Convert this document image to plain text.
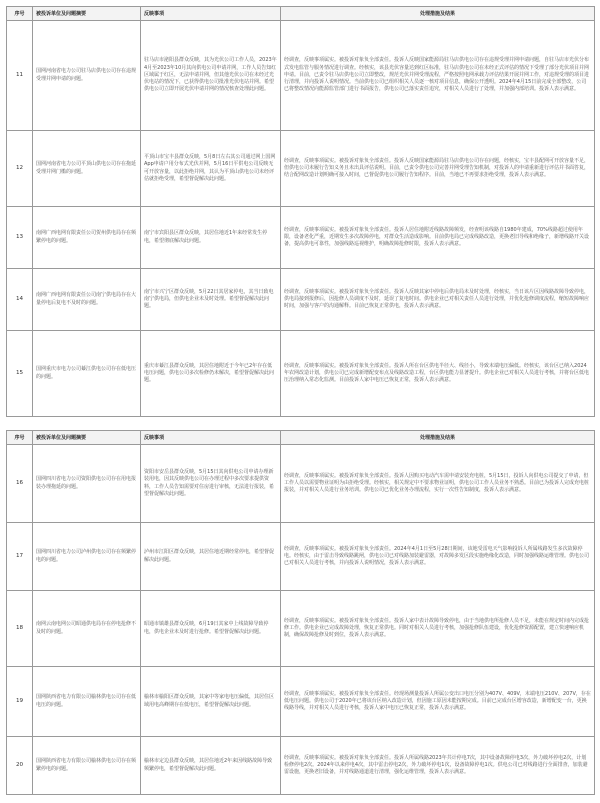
序号	被投诉单位及问题摘要	反映事项	处理措施及结果
11	国网河南省电力公司驻马店供电公司存在违规受理并网申请的问题。	驻马店市泌阳县群众反映，其为光伏公司工作人员，2023年4月至2023年10月其向供电公司申请并网，工作人员告知红区域属于红区，无法申请并网，但其他光伏公司在未经过光伏电站的情况下，已获得供电公司批准光伏电站并网。希望供电公司立即开展光伏申请并网的情况核查处理此问题。	经调查，反映事项属实。被投诉对象负全部责任。投诉人反映国家能源局驻马店供电公司存在违规受理并网申请问题，自驻马店市光伏分布式发电监管与服务情况进行调查。经核实，该县光伏容量达到红区标准，驻马店供电公司在未经正式评估的情况下受理了部分光伏项目并网申请。目前，已责令驻马店供电公司立即整改，规范光伏并网受理流程，严格按照电网承载力评估结果开展并网工作，对违规受理的项目进行清理，并向投诉人说明情况。当前供电公司已组织相关人员逐一核对项目信息，确保公开透明。2024年4月15日前完成全部整改，公司已将整改情况向能源监管部门进行书面报告，供电公司已落实责任追究，对相关人员进行了处理，并加强内部培训。投诉人表示满意。
12	国网河南省电力公司平顶山供电公司存在拖延受理并网门槛的问题。	平顶山市宝丰县群众反映，5月8日左右其公司通过网上国网App申请户用分布式光伏并网，5月16日平供电公司反映无可开放容量，以此拒绝并网，其认为平顶山供电公司未经评估就拒绝受理，希望督促解决此问题。	经调查，反映事项属实。被投诉对象负全部责任。投诉人反映国家能源局驻马店供电公司存在问题，经核实，宝丰县配网可开放容量不足，但供电公司未履行告知义务且未出具评估说明。目前，已责令供电公司完善并网受理告知机制，对投诉人的申请重新进行评估并书面答复，结合配网改造计划明确可接入时间，已督促供电公司履行告知程序。目前，当地已不再要求拒绝受理，投诉人表示满意。
13	南网广西电网有限责任公司贺州供电局存在频繁停电的问题。	南宁市宾阳县区群众反映，其居住地近1年来经常发生停电，希望彻底解决此问题。	经调查，反映事项属实。被投诉对象负全部责任。投诉人居住地附近线路故障频发，经查明该线路自1980年建成，70%线路超过使用年限，设备老化严重，近期发生多次故障停电，对群众生活造成影响。目前供电局已完成线路改造，更换老旧导线和绝缘子，新增线路开关设备，提高供电可靠性，加强线路巡视维护，明确故障抢修时限，投诉人表示满意。
14	南网广西电网有限责任公司南宁供电局存在大量停电后复电不及时的问题。	南宁市兴宁区群众反映，5月22日其居家停电，其当日致电南宁供电局，但供电企业未及时处理。希望督促解决此问题。	经调查，反映事项属实。被投诉对象负全部责任。投诉人反映其家中停电后供电局未及时处理，经核实，当日该片区因线路故障导致停电，供电局接到报修后，因抢修人员调度不及时，延误了复电时间。供电企业已对相关责任人员进行处理，并优化抢修调度流程，缩短故障响应时间，加强与客户的沟通解释。目前已恢复正常供电，投诉人表示满意。
15	国网重庆市电力公司綦江供电公司存在低电压的问题。	重庆市綦江县群众反映，其居住地附近于今年已2年存在低电压问题，供电公司多次检修仍未解决，希望督促解决此问题。	经调查，反映事项属实。被投诉对象负全部责任。投诉人所在台区供电半径大、线径小，导致末端电压偏低。经核实，该台区已纳入2024年农网改造计划，供电公司已完成新增配变布点及线路改造工程，台区供电能力显著提升。供电企业已对相关人员进行考核，并将台区低电压治理纳入常态化监测。目前投诉人家中电压已恢复正常，投诉人表示满意。
序号	被投诉单位及问题摘要	反映事项	处理措施及结果
16	国网四川省电力公司资阳供电公司存在用电报装办理拖延的问题。	资阳市安岳县群众反映，5月15日其向供电公司申请办理新装用电，因其反映供电公司在办理过程中多次要求提供资料，工作人员告知需要对住房进行审核，无法进行报装，希望督促解决此问题。	经调查，反映事项属实。被投诉对象负全部责任。投诉人因购买电动汽车需申请安装充电桩，5月15日，投诉人向供电公司提交了申请，但工作人员以需要物业证明为由拒绝受理。经核实，相关规定中不要求物业证明，供电公司工作人员业务不熟悉。目前已为投诉人完成充电桩报装，并对相关人员进行业务培训。供电公司已优化业务办理流程，实行一次性告知制度，投诉人表示满意。
17	国网四川省电力公司泸州供电公司存在频繁停电的问题。	泸州市江阳区群众反映，其居住地近期经常停电，希望督促解决此问题。	经调查，反映事项属实。被投诉对象负全部责任。2024年4月1日至5月28日期间，该地受雷电天气影响投诉人所属线路发生多次故障停电。经核实，由于雷击导致线路跳闸，供电公司已对线路加装避雷器，对故障多发区段实施绝缘化改造，同时加强线路运维管理。供电公司已对相关人员进行考核，并向投诉人说明情况，投诉人表示满意。
18	南网云南电网公司昭通供电局存在停电抢修不及时的问题。	昭通市镇雄县群众反映，6月19日其家中上线故障导致停电，供电企业未及时进行抢修。希望督促解决此问题。	经调查，反映事项属实。被投诉对象负全部责任。投诉人家中表计故障导致停电，由于当地供电所抢修人员不足，未能在规定时间内完成抢修工作。供电企业已完成故障处理，恢复正常供电。同时对相关人员进行考核，加强抢修队伍建设，优化抢修资源配置，建立快速响应机制，确保故障抢修及时到位，投诉人表示满意。
19	国网陕西省电力有限公司榆林供电公司存在低电压的问题。	榆林市榆阳区群众反映，其家中等家电电压偏低，其居住区域用电高峰期存在低电压，希望督促解决此问题。	经调查，反映事项属实。被投诉对象负全部责任。经现场测量投诉人所属公变出口电压分别为407V、409V，末端电压210V、207V，存在低电压问题。供电公司于2020年已将该台区纳入改造计划，但因施工原因未能按期完成。目前已完成台区增容改造，新增配变一台，更换线路导线，并对相关人员进行考核，投诉人家中电压已恢复正常，投诉人表示满意。
20	国网陕西省电力有限公司榆林供电公司存在频繁停电的问题。	榆林市定边县群众反映，其居住地近2年来因线路故障导致频繁停电，希望督促解决此问题。	经调查，反映事项属实。被投诉对象负全部责任。投诉人所属线路2023年共计停电7次，其中设备故障停电3次，外力破坏停电2次，计划检修停电2次。2024年以来停电4次，其中雷击停电2次，外力破坏停电1次，设备故障停电1次。供电公司已对线路进行全面排查，加装避雷设施，更换老旧设备，并对线路通道进行清理，强化运维管理，投诉人表示满意。
